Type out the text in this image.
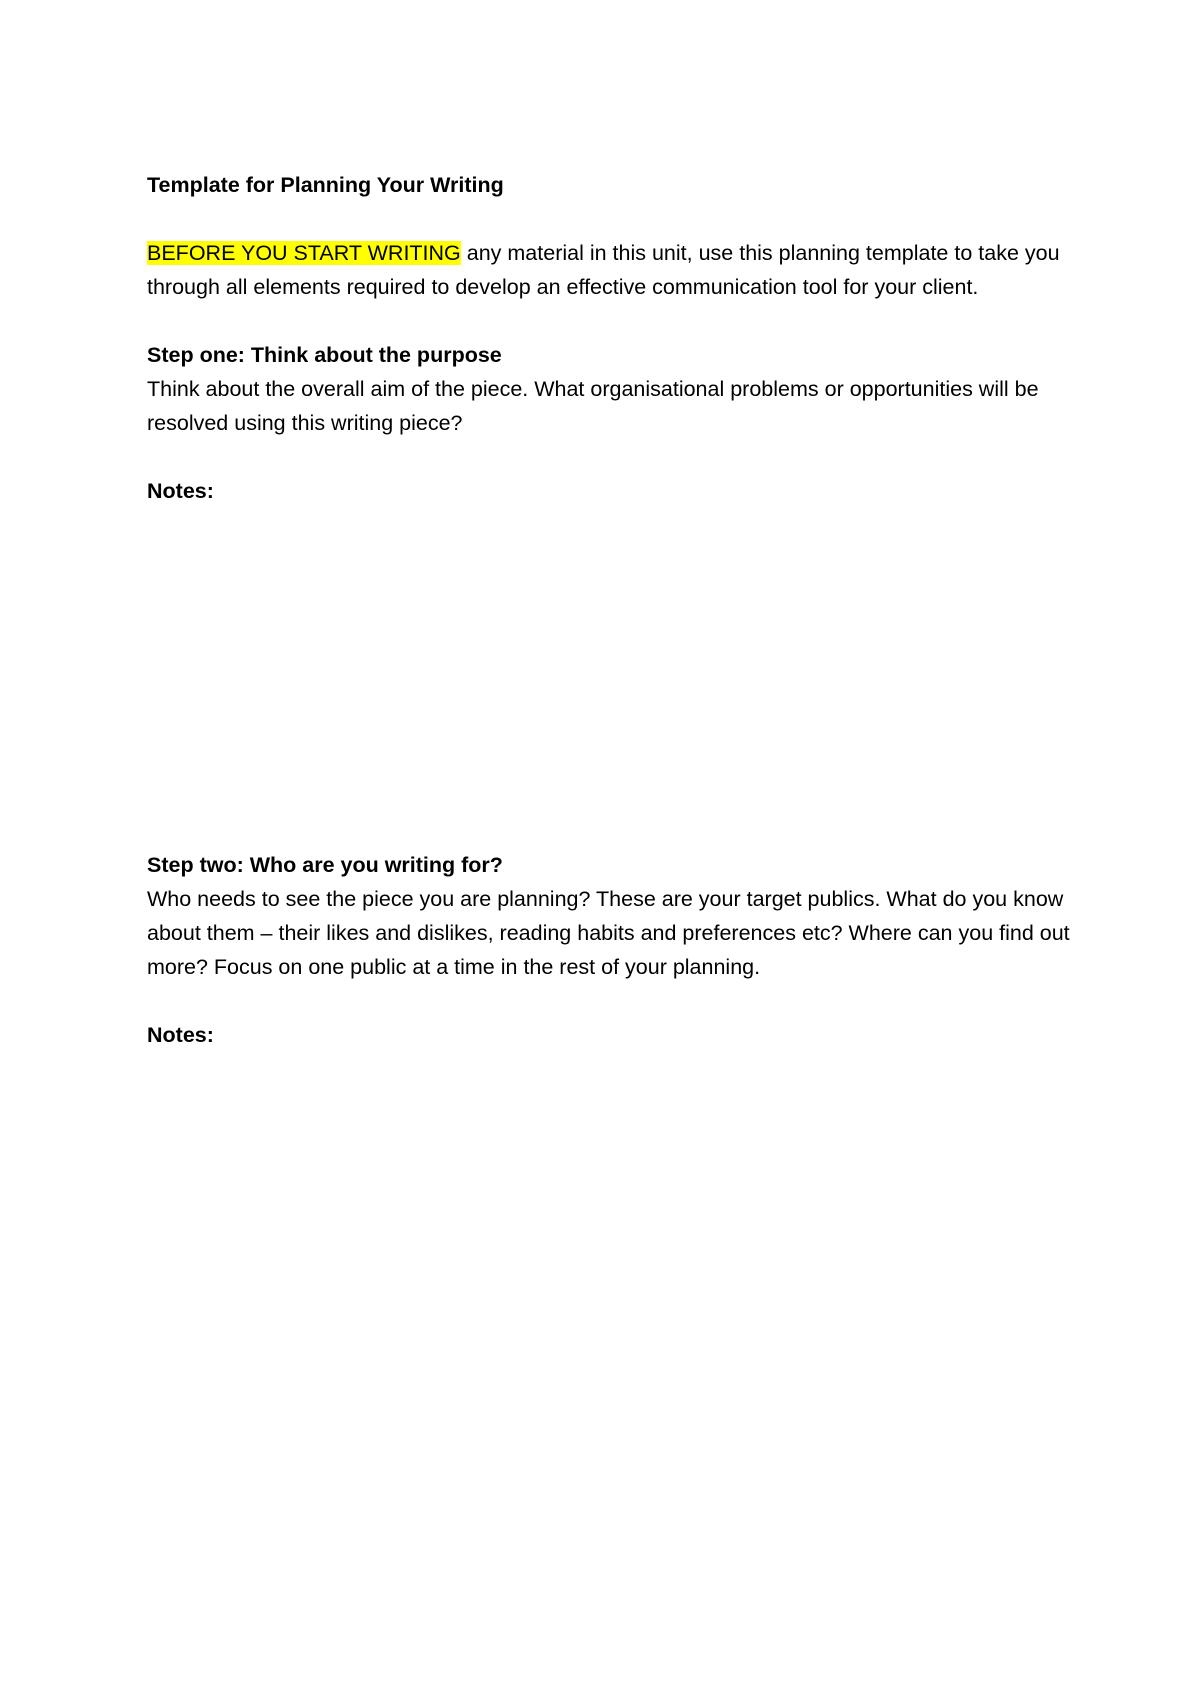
Template for Planning Your Writing

BEFORE YOU START WRITING any material in this unit, use this planning template to take you through all elements required to develop an effective communication tool for your client.

Step one: Think about the purpose

Think about the overall aim of the piece. What organisational problems or opportunities will be resolved using this writing piece?

Notes:

Step two: Who are you writing for?

Who needs to see the piece you are planning? These are your target publics. What do you know about them – their likes and dislikes, reading habits and preferences etc? Where can you find out more? Focus on one public at a time in the rest of your planning.

Notes:
